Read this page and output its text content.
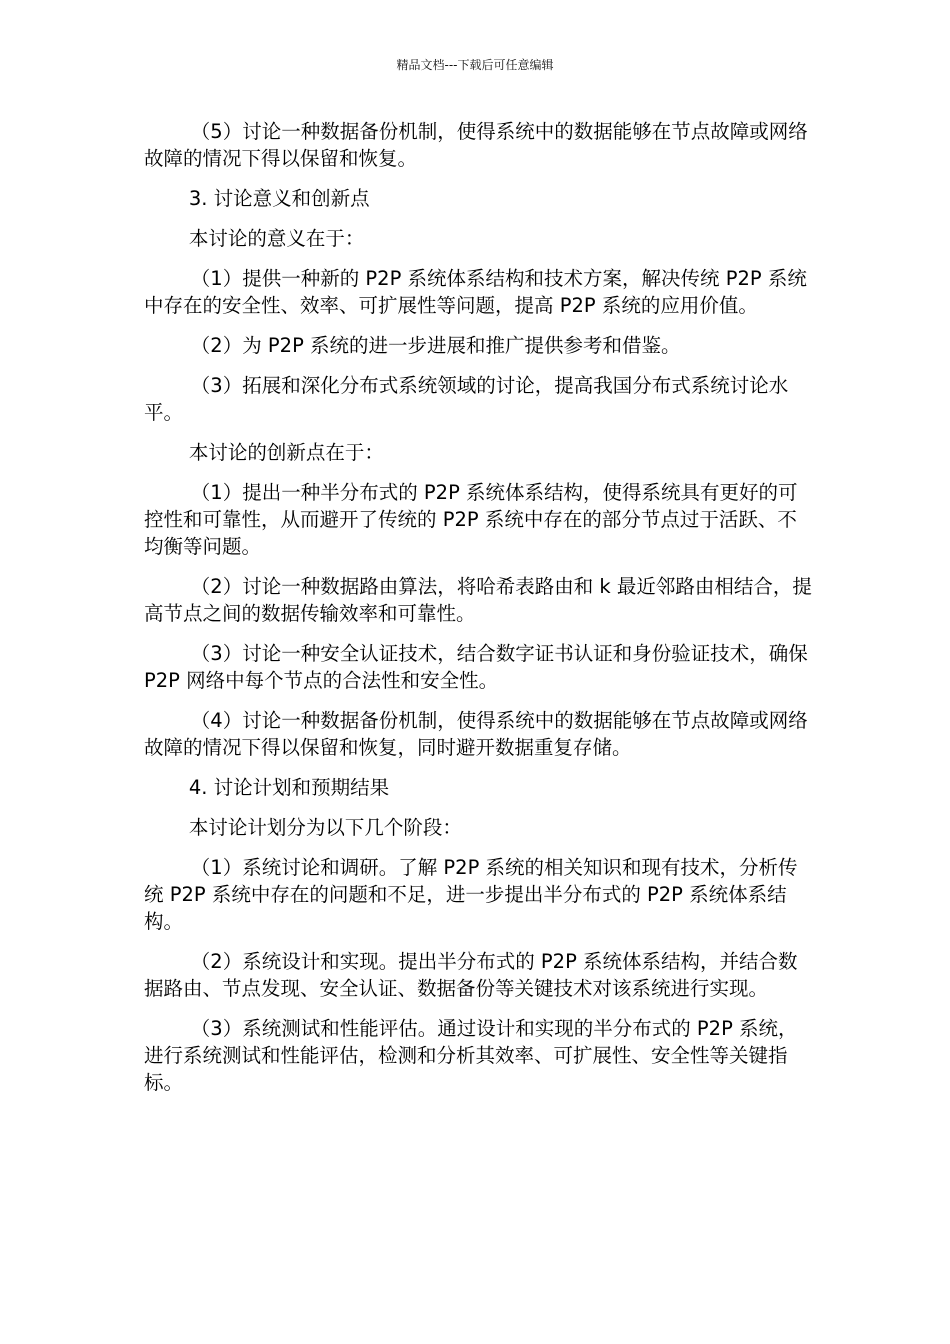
精品文档---下载后可任意编辑

（5）讨论一种数据备份机制，使得系统中的数据能够在节点故障或网络故障的情况下得以保留和恢复。

3. 讨论意义和创新点

本讨论的意义在于：

（1）提供一种新的 P2P 系统体系结构和技术方案，解决传统 P2P 系统中存在的安全性、效率、可扩展性等问题，提高 P2P 系统的应用价值。

（2）为 P2P 系统的进一步进展和推广提供参考和借鉴。

（3）拓展和深化分布式系统领域的讨论，提高我国分布式系统讨论水平。

本讨论的创新点在于：

（1）提出一种半分布式的 P2P 系统体系结构，使得系统具有更好的可控性和可靠性，从而避开了传统的 P2P 系统中存在的部分节点过于活跃、不均衡等问题。

（2）讨论一种数据路由算法，将哈希表路由和 k 最近邻路由相结合，提高节点之间的数据传输效率和可靠性。

（3）讨论一种安全认证技术，结合数字证书认证和身份验证技术，确保 P2P 网络中每个节点的合法性和安全性。

（4）讨论一种数据备份机制，使得系统中的数据能够在节点故障或网络故障的情况下得以保留和恢复，同时避开数据重复存储。

4. 讨论计划和预期结果

本讨论计划分为以下几个阶段：

（1）系统讨论和调研。了解 P2P 系统的相关知识和现有技术，分析传统 P2P 系统中存在的问题和不足，进一步提出半分布式的 P2P 系统体系结构。

（2）系统设计和实现。提出半分布式的 P2P 系统体系结构，并结合数据路由、节点发现、安全认证、数据备份等关键技术对该系统进行实现。

（3）系统测试和性能评估。通过设计和实现的半分布式的 P2P 系统，进行系统测试和性能评估，检测和分析其效率、可扩展性、安全性等关键指标。
